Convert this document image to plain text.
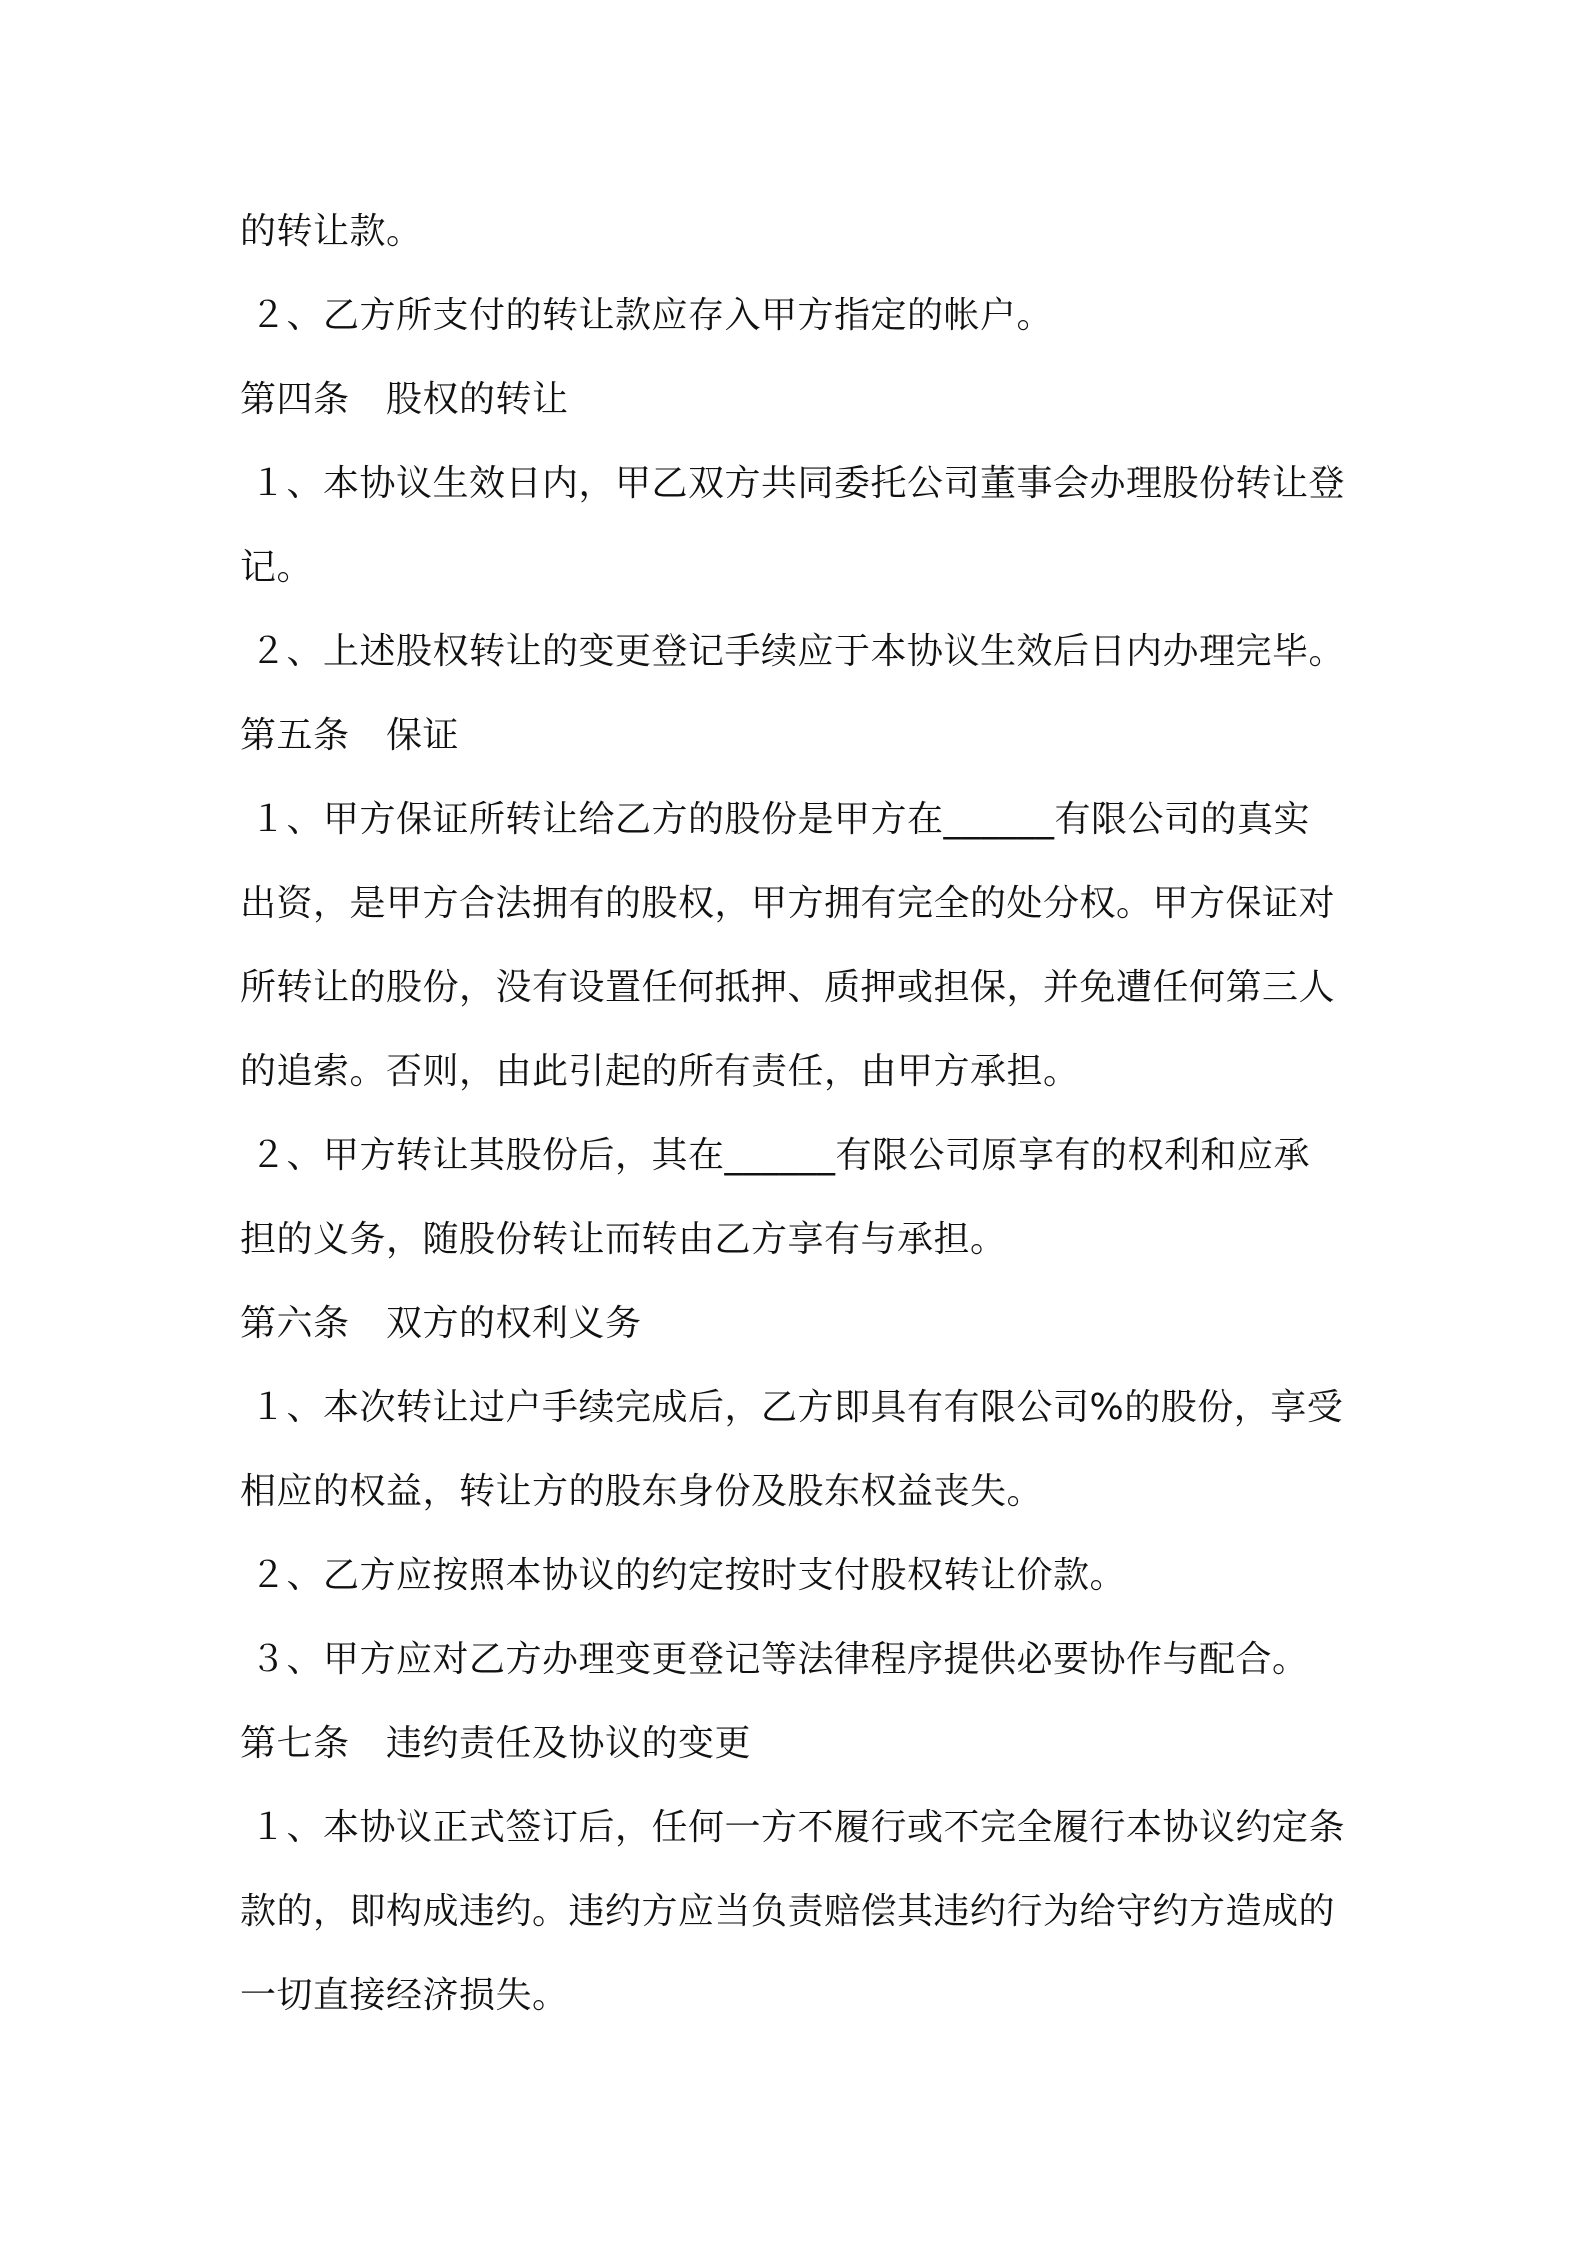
的转让款。
２、乙方所支付的转让款应存入甲方指定的帐户。
第四条　股权的转让
１、本协议生效日内，甲乙双方共同委托公司董事会办理股份转让登
记。
２、上述股权转让的变更登记手续应于本协议生效后日内办理完毕。
第五条　保证
１、甲方保证所转让给乙方的股份是甲方在______有限公司的真实
出资，是甲方合法拥有的股权，甲方拥有完全的处分权。甲方保证对
所转让的股份，没有设置任何抵押、质押或担保，并免遭任何第三人
的追索。否则，由此引起的所有责任，由甲方承担。
２、甲方转让其股份后，其在______有限公司原享有的权利和应承
担的义务，随股份转让而转由乙方享有与承担。
第六条　双方的权利义务
１、本次转让过户手续完成后，乙方即具有有限公司%的股份，享受
相应的权益，转让方的股东身份及股东权益丧失。
２、乙方应按照本协议的约定按时支付股权转让价款。
３、甲方应对乙方办理变更登记等法律程序提供必要协作与配合。
第七条　违约责任及协议的变更
１、本协议正式签订后，任何一方不履行或不完全履行本协议约定条
款的，即构成违约。违约方应当负责赔偿其违约行为给守约方造成的
一切直接经济损失。
